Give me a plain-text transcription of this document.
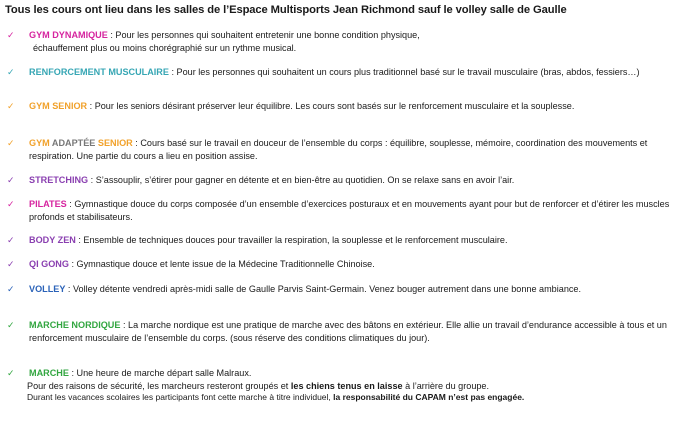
Tous les cours ont lieu dans les salles de l’Espace Multisports Jean Richmond sauf le volley salle de Gaulle
✓ GYM DYNAMIQUE : Pour les personnes qui souhaitent entretenir une bonne condition physique,
échauffement plus ou moins chorégraphié sur un rythme musical.
✓ RENFORCEMENT MUSCULAIRE : Pour les personnes qui souhaitent un cours plus traditionnel basé sur le travail musculaire (bras, abdos, fessiers…)
✓ GYM SENIOR : Pour les seniors désirant préserver leur équilibre. Les cours sont basés sur le renforcement musculaire et la souplesse.
✓ GYM ADAPTÉE SENIOR : Cours basé sur le travail en douceur de l’ensemble du corps : équilibre, souplesse, mémoire, coordination des mouvements et respiration. Une partie du cours a lieu en position assise.
✓ STRETCHING : S’assouplir, s’étirer pour gagner en détente et en bien-être au quotidien. On se relaxe sans en avoir l’air.
✓ PILATES : Gymnastique douce du corps composée d’un ensemble d’exercices posturaux et en mouvements ayant pour but de renforcer et d’étirer les muscles profonds et stabilisateurs.
✓ BODY ZEN : Ensemble de techniques douces pour travailler la respiration, la souplesse et le renforcement musculaire.
✓ QI GONG : Gymnastique douce et lente issue de la Médecine Traditionnelle Chinoise.
✓ VOLLEY : Volley détente vendredi après-midi salle de Gaulle Parvis Saint-Germain. Venez bouger autrement dans une bonne ambiance.
✓ MARCHE NORDIQUE : La marche nordique est une pratique de marche avec des bâtons en extérieur. Elle allie un travail d’endurance accessible à tous et un renforcement musculaire de l’ensemble du corps. (sous réserve des conditions climatiques du jour).
✓ MARCHE : Une heure de marche départ salle Malraux.
Pour des raisons de sécurité, les marcheurs resteront groupés et les chiens tenus en laisse à l’arrière du groupe.
Durant les vacances scolaires les participants font cette marche à titre individuel, la responsabilité du CAPAM n’est pas engagée.
